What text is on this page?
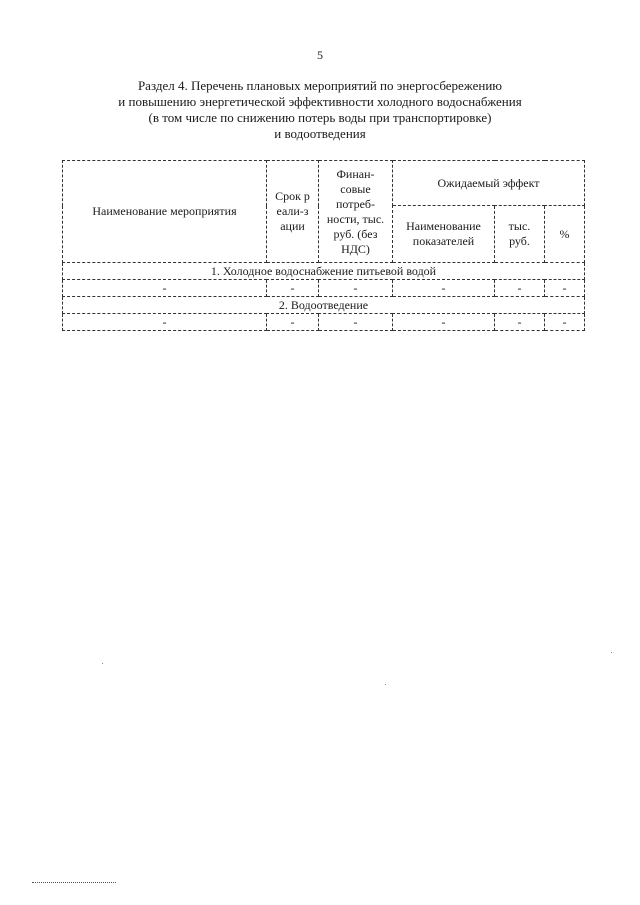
5
Раздел 4. Перечень плановых мероприятий по энергосбережению
и повышению энергетической эффективности холодного водоснабжения
(в том числе по снижению потерь воды при транспортировке)
и водоотведения
Наименование мероприятия	Срок реали-зации	Финан-совые потреб-ности, тыс. руб. (без НДС)	Ожидаемый эффект		
			Наименование показателей	тыс. руб.	%
1. Холодное водоснабжение питьевой водой					
-	-	-	-	-	-
2. Водоотведение					
-	-	-	-	-	-
